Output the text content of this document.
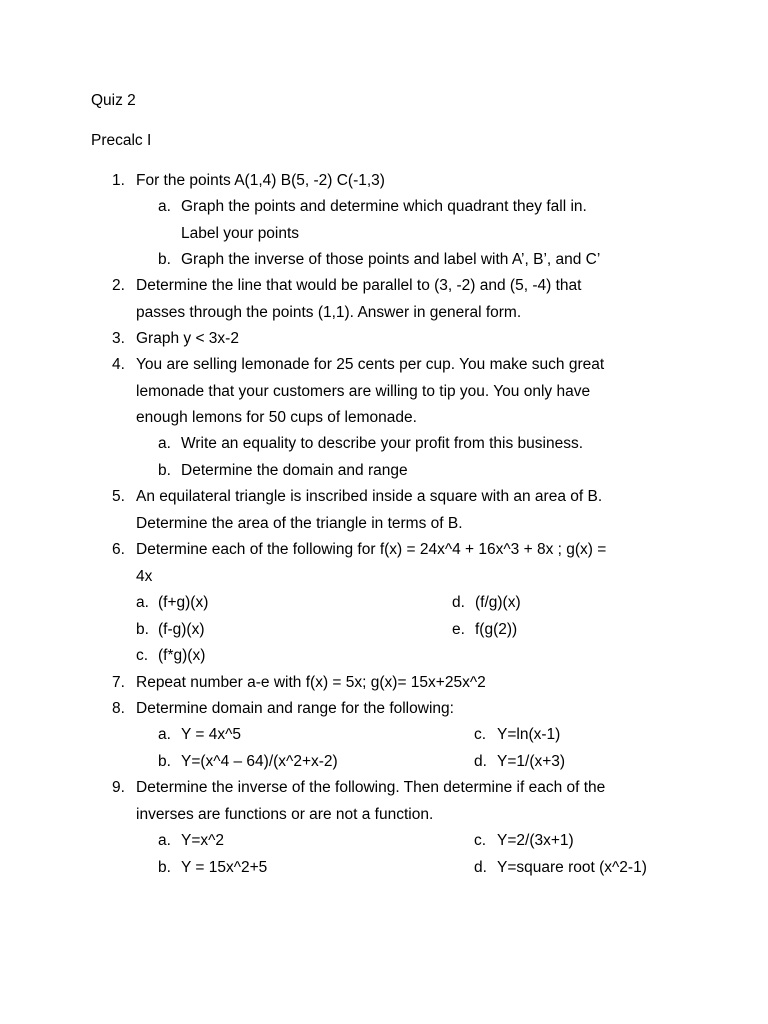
Quiz 2
Precalc I
1. For the points A(1,4) B(5, -2) C(-1,3)
a. Graph the points and determine which quadrant they fall in.
Label your points
b. Graph the inverse of those points and label with A’, B’, and C’
2. Determine the line that would be parallel to (3, -2) and (5, -4) that
passes through the points (1,1). Answer in general form.
3. Graph y < 3x-2
4. You are selling lemonade for 25 cents per cup. You make such great
lemonade that your customers are willing to tip you. You only have
enough lemons for 50 cups of lemonade.
a. Write an equality to describe your profit from this business.
b. Determine the domain and range
5. An equilateral triangle is inscribed inside a square with an area of B.
Determine the area of the triangle in terms of B.
6. Determine each of the following for f(x) = 24x^4 + 16x^3 + 8x ; g(x) =
4x
a. (f+g)(x)	d. (f/g)(x)
b. (f-g)(x)	e. f(g(2))
c. (f*g)(x)
7. Repeat number a-e with f(x) = 5x; g(x)= 15x+25x^2
8. Determine domain and range for the following:
a. Y = 4x^5	c. Y=ln(x-1)
b. Y=(x^4 – 64)/(x^2+x-2)	d. Y=1/(x+3)
9. Determine the inverse of the following. Then determine if each of the
inverses are functions or are not a function.
a. Y=x^2	c. Y=2/(3x+1)
b. Y = 15x^2+5	d. Y=square root (x^2-1)
